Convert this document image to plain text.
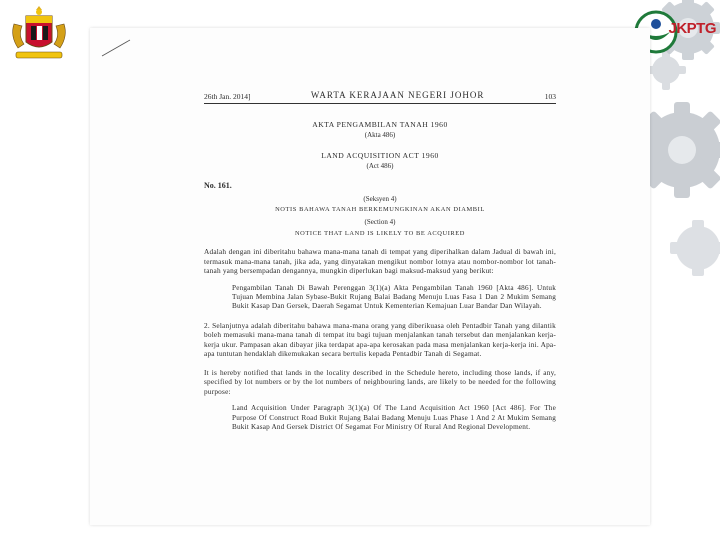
JKPTG
26th Jan. 2014]	WARTA KERAJAAN NEGERI JOHOR	103
AKTA PENGAMBILAN TANAH 1960
(Akta 486)
LAND ACQUISITION ACT 1960
(Act 486)
No. 161.
(Seksyen 4)
NOTIS BAHAWA TANAH BERKEMUNGKINAN AKAN DIAMBIL
(Section 4)
NOTICE THAT LAND IS LIKELY TO BE ACQUIRED
Adalah dengan ini diberitahu bahawa mana-mana tanah di tempat yang diperihalkan dalam Jadual di bawah ini, termasuk mana-mana tanah, jika ada, yang dinyatakan mengikut nombor lotnya atau nombor-nombor lot tanah-tanah yang bersempadan dengannya, mungkin diperlukan bagi maksud-maksud yang berikut:
Pengambilan Tanah Di Bawah Perenggan 3(1)(a) Akta Pengambilan Tanah 1960 [Akta 486]. Untuk Tujuan Membina Jalan Sybase-Bukit Rujang Balai Badang Menuju Luas Fasa 1 Dan 2 Mukim Semang Bukit Kasap Dan Gersek, Daerah Segamat Untuk Kementerian Kemajuan Luar Bandar Dan Wilayah.
2. Selanjutnya adalah diberitahu bahawa mana-mana orang yang diberikuasa oleh Pentadbir Tanah yang dilantik boleh memasuki mana-mana tanah di tempat itu bagi tujuan menjalankan tanah tersebut dan menjalankan kerja-kerja ukur. Pampasan akan dibayar jika terdapat apa-apa kerosakan pada masa menjalankan kerja-kerja ini. Apa-apa tuntutan hendaklah dikemukakan secara bertulis kepada Pentadbir Tanah di Segamat.
It is hereby notified that lands in the locality described in the Schedule hereto, including those lands, if any, specified by lot numbers or by the lot numbers of neighbouring lands, are likely to be needed for the following purpose:
Land Acquisition Under Paragraph 3(1)(a) Of The Land Acquisition Act 1960 [Act 486]. For The Purpose Of Construct Road Bukit Rujang Balai Badang Menuju Luas Phase 1 And 2 At Mukim Semang Bukit Kasap And Gersek District Of Segamat For Ministry Of Rural And Regional Development.
